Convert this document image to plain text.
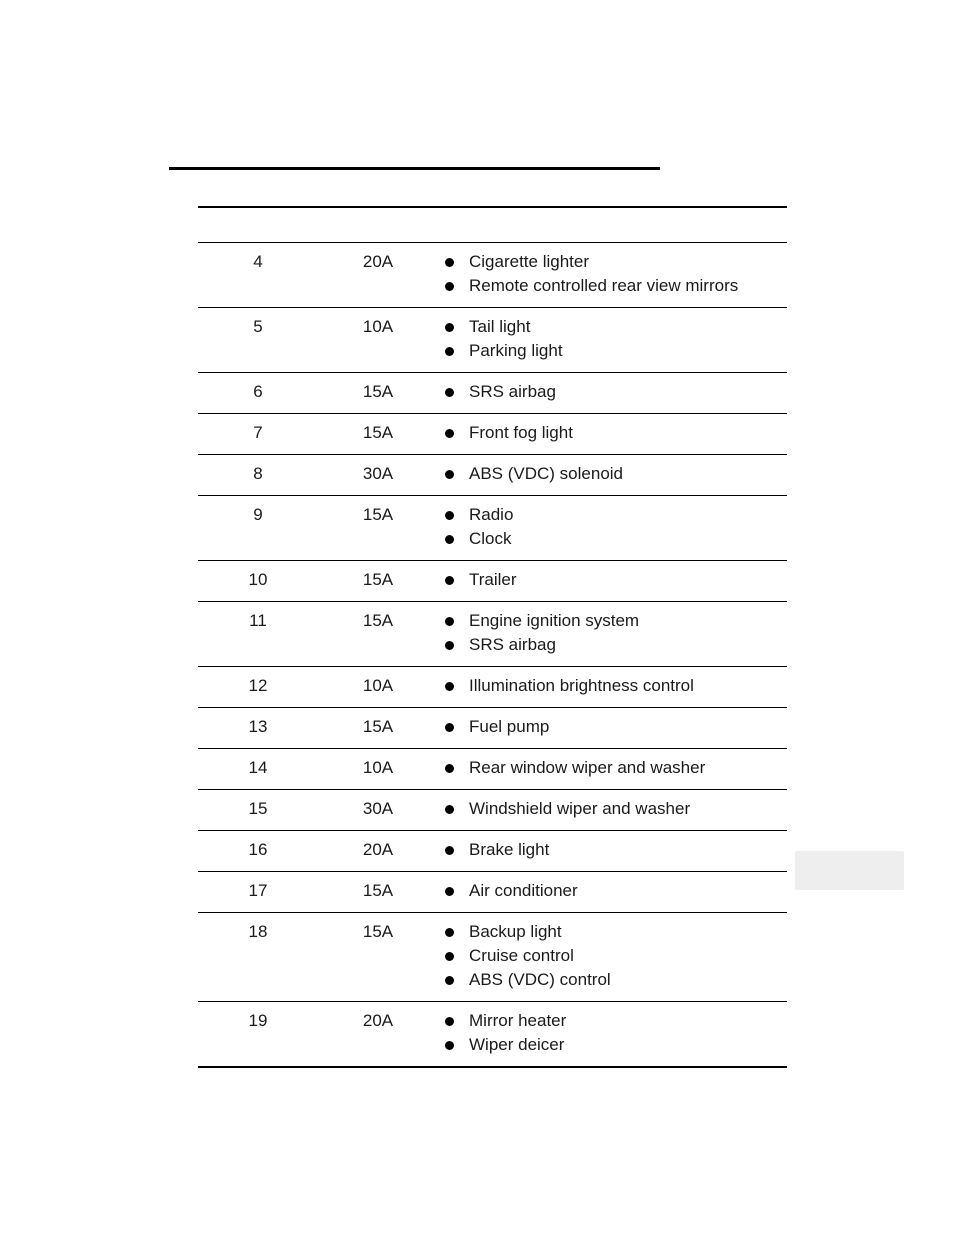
4	20A	Cigarette lighter
Remote controlled rear view mirrors
5	10A	Tail light
Parking light
6	15A	SRS airbag
7	15A	Front fog light
8	30A	ABS (VDC) solenoid
9	15A	Radio
Clock
10	15A	Trailer
11	15A	Engine ignition system
SRS airbag
12	10A	Illumination brightness control
13	15A	Fuel pump
14	10A	Rear window wiper and washer
15	30A	Windshield wiper and washer
16	20A	Brake light
17	15A	Air conditioner
18	15A	Backup light
Cruise control
ABS (VDC) control
19	20A	Mirror heater
Wiper deicer
